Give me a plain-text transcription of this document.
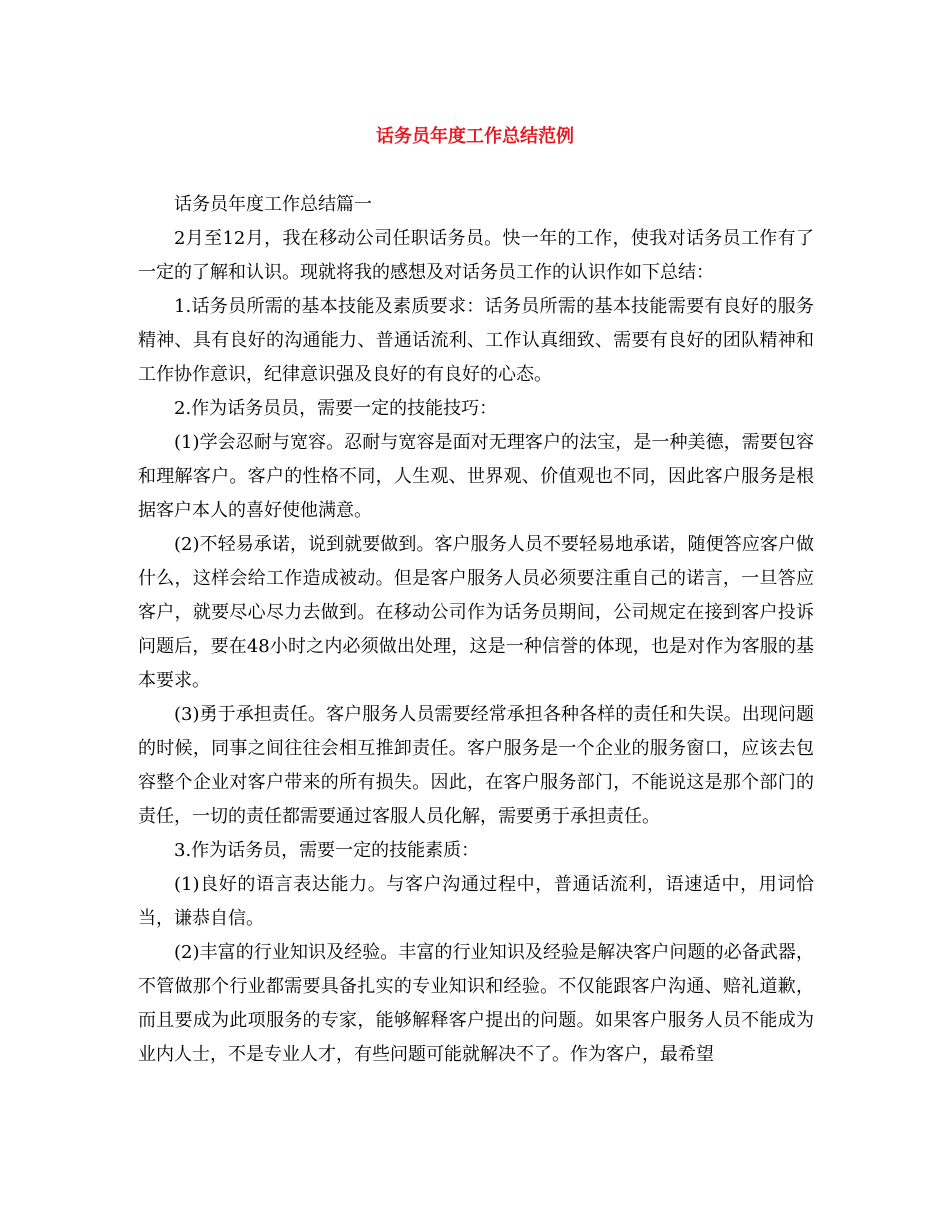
话务员年度工作总结范例

话务员年度工作总结篇一

2月至12月，我在移动公司任职话务员。快一年的工作，使我对话务员工作有了一定的了解和认识。现就将我的感想及对话务员工作的认识作如下总结：

1.话务员所需的基本技能及素质要求：话务员所需的基本技能需要有良好的服务精神、具有良好的沟通能力、普通话流利、工作认真细致、需要有良好的团队精神和工作协作意识，纪律意识强及良好的有良好的心态。

2.作为话务员员，需要一定的技能技巧：

(1)学会忍耐与宽容。忍耐与宽容是面对无理客户的法宝，是一种美德，需要包容和理解客户。客户的性格不同，人生观、世界观、价值观也不同，因此客户服务是根据客户本人的喜好使他满意。

(2)不轻易承诺，说到就要做到。客户服务人员不要轻易地承诺，随便答应客户做什么，这样会给工作造成被动。但是客户服务人员必须要注重自己的诺言，一旦答应客户，就要尽心尽力去做到。在移动公司作为话务员期间，公司规定在接到客户投诉问题后，要在48小时之内必须做出处理，这是一种信誉的体现，也是对作为客服的基本要求。

(3)勇于承担责任。客户服务人员需要经常承担各种各样的责任和失误。出现问题的时候，同事之间往往会相互推卸责任。客户服务是一个企业的服务窗口，应该去包容整个企业对客户带来的所有损失。因此，在客户服务部门，不能说这是那个部门的责任，一切的责任都需要通过客服人员化解，需要勇于承担责任。

3.作为话务员，需要一定的技能素质：

(1)良好的语言表达能力。与客户沟通过程中，普通话流利，语速适中，用词恰当，谦恭自信。

(2)丰富的行业知识及经验。丰富的行业知识及经验是解决客户问题的必备武器，不管做那个行业都需要具备扎实的专业知识和经验。不仅能跟客户沟通、赔礼道歉，而且要成为此项服务的专家，能够解释客户提出的问题。如果客户服务人员不能成为业内人士，不是专业人才，有些问题可能就解决不了。作为客户，最希望
